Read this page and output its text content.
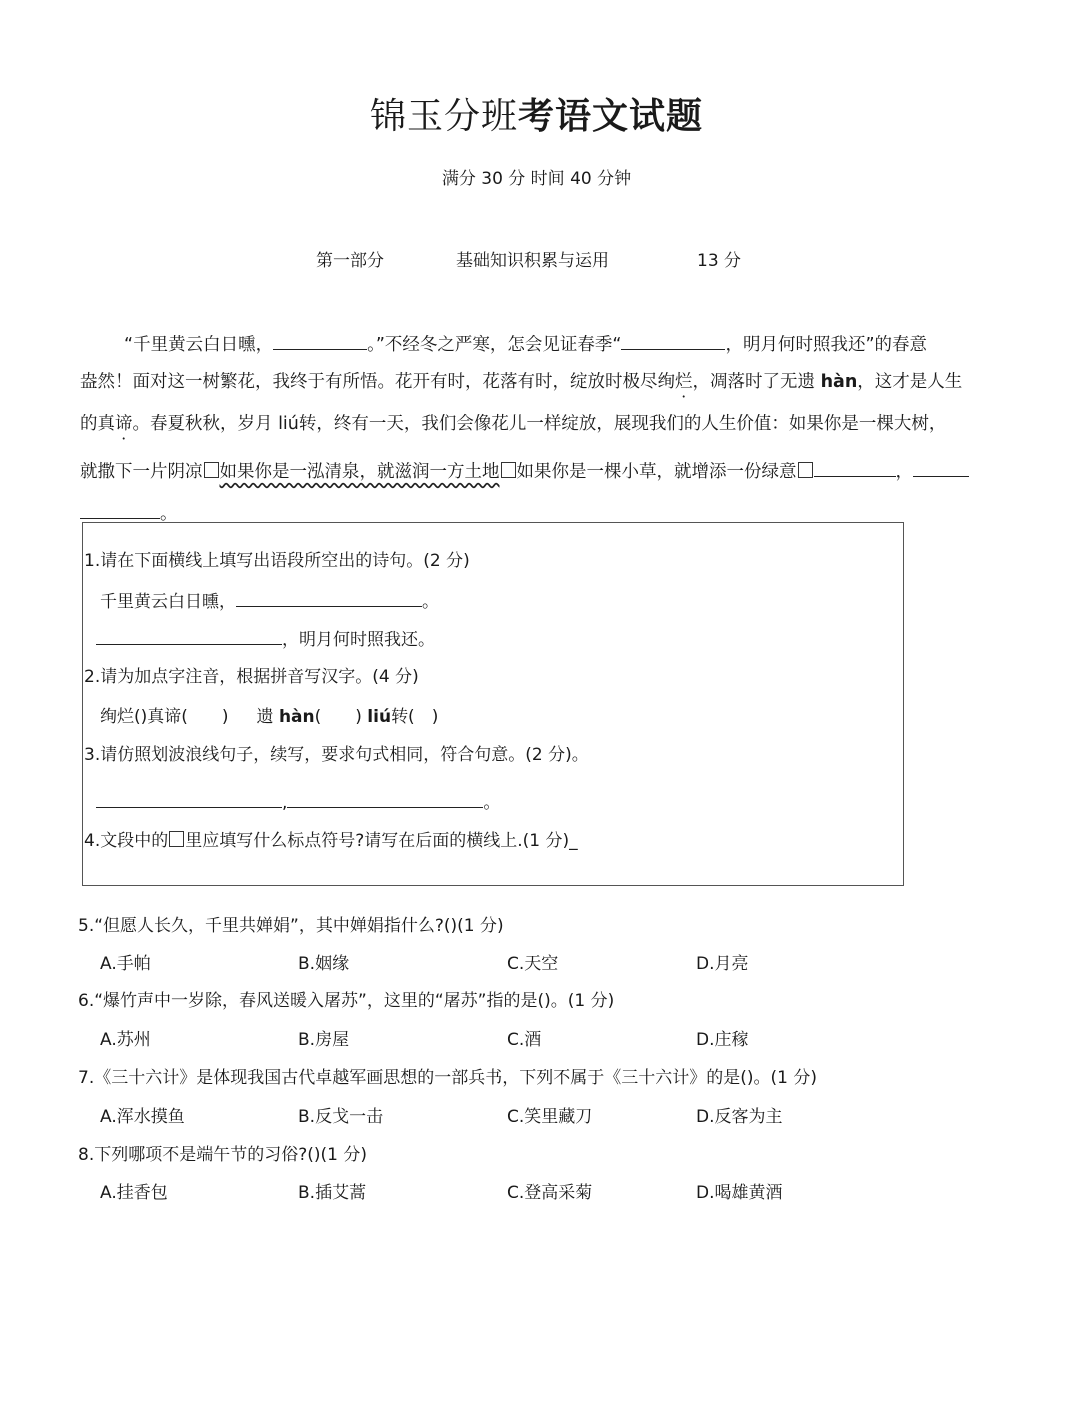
锦玉分班考语文试题
满分 30 分 时间 40 分钟
第一部分	基础知识积累与运用	13 分
“千里黄云白日曛，	。”不经冬之严寒，怎会见证春季“	，明月何时照我还”的春意
盎然！面对这一树繁花，我终于有所悟。花开有时，花落有时，绽放时极尽绚烂，凋落时了无遗 hàn，这才是人生
的真谛。春夏秋秋，岁月 liú转，终有一天，我们会像花儿一样绽放，展现我们的人生价值：如果你是一棵大树，
就撒下一片阴凉 如果你是一泓清泉，就滋润一方土地 如果你是一棵小草，就增添一份绿意	，
。
1.请在下面横线上填写出语段所空出的诗句。(2 分)
千里黄云白日曛，	。
，明月何时照我还。
2.请为加点字注音，根据拼音写汉字。(4 分)
绚烂()真谛(　　) 遗 hàn(　　) liú转(　)
3.请仿照划波浪线句子，续写，要求句式相同，符合句意。(2 分)。
,	。
4.文段中的 里应填写什么标点符号?请写在后面的横线上.(1 分)_
5.“但愿人长久，千里共婵娟”，其中婵娟指什么?()(1 分)
A.手帕	B.姻缘	C.天空	D.月亮
6.“爆竹声中一岁除，春风送暖入屠苏”，这里的“屠苏”指的是()。(1 分)
A.苏州	B.房屋	C.酒	D.庄稼
7.《三十六计》是体现我国古代卓越军画思想的一部兵书，下列不属于《三十六计》的是()。(1 分)
A.浑水摸鱼	B.反戈一击	C.笑里藏刀	D.反客为主
8.下列哪项不是端午节的习俗?()(1 分)
A.挂香包	B.插艾蒿	C.登高采菊	D.喝雄黄酒
